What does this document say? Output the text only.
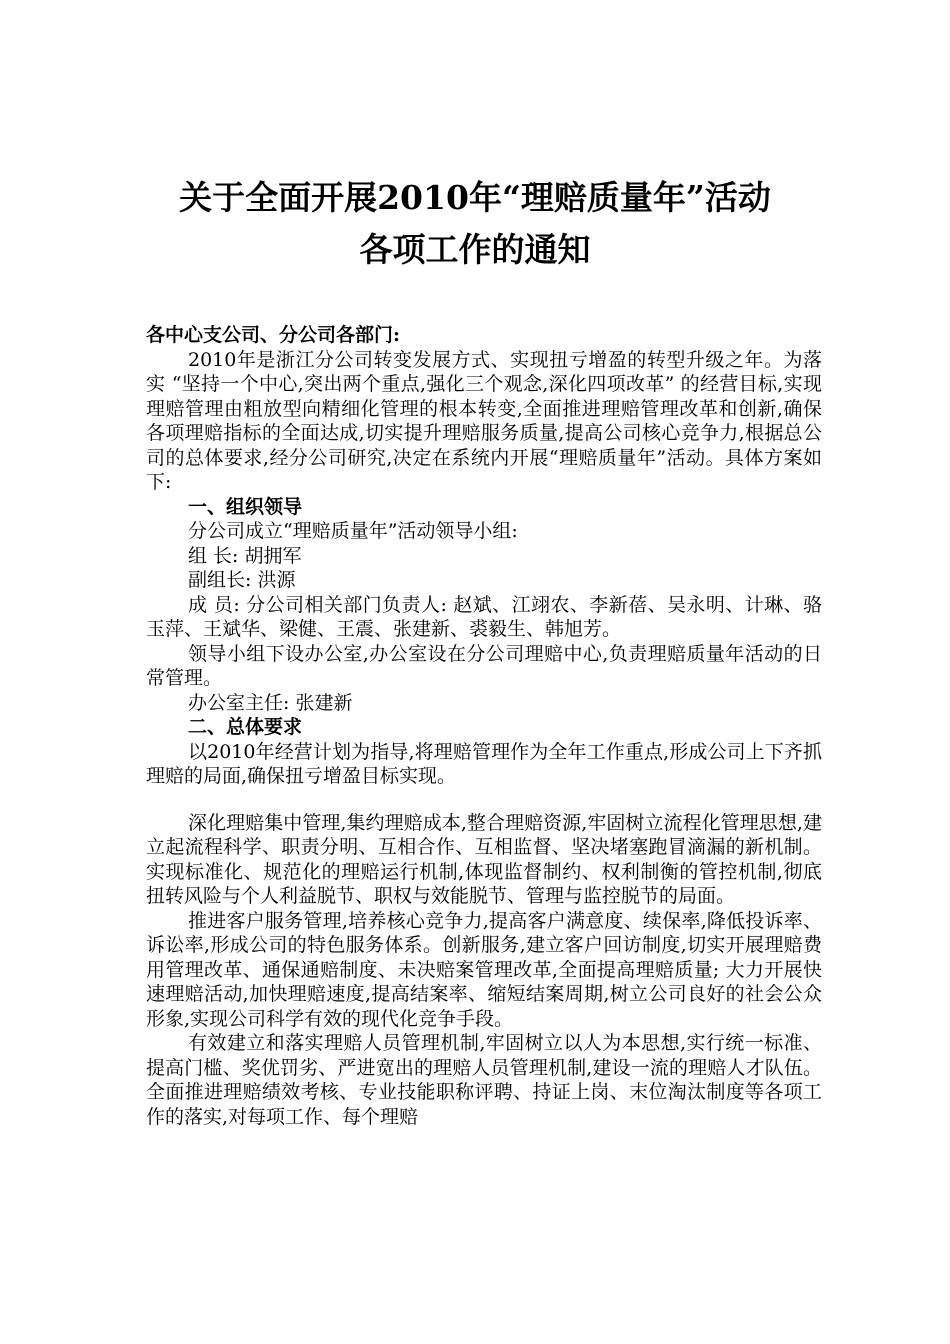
关于全面开展2010年“理赔质量年”活动
各项工作的通知

各中心支公司、分公司各部门:

2010年是浙江分公司转变发展方式、实现扭亏增盈的转型升级之年。为落实 “坚持一个中心,突出两个重点,强化三个观念,深化四项改革” 的经营目标,实现理赔管理由粗放型向精细化管理的根本转变,全面推进理赔管理改革和创新,确保各项理赔指标的全面达成,切实提升理赔服务质量,提高公司核心竞争力,根据总公司的总体要求,经分公司研究,决定在系统内开展“理赔质量年”活动。具体方案如下:

一、组织领导

分公司成立“理赔质量年”活动领导小组:

组 长: 胡拥军

副组长: 洪源

成 员: 分公司相关部门负责人: 赵斌、江翊农、李新蓓、吴永明、计琳、骆玉萍、王斌华、梁健、王震、张建新、裘毅生、韩旭芳。

领导小组下设办公室,办公室设在分公司理赔中心,负责理赔质量年活动的日常管理。

办公室主任: 张建新

二、总体要求

以2010年经营计划为指导,将理赔管理作为全年工作重点,形成公司上下齐抓理赔的局面,确保扭亏增盈目标实现。

深化理赔集中管理,集约理赔成本,整合理赔资源,牢固树立流程化管理思想,建立起流程科学、职责分明、互相合作、互相监督、坚决堵塞跑冒滴漏的新机制。实现标准化、规范化的理赔运行机制,体现监督制约、权利制衡的管控机制,彻底扭转风险与个人利益脱节、职权与效能脱节、管理与监控脱节的局面。

推进客户服务管理,培养核心竞争力,提高客户满意度、续保率,降低投诉率、诉讼率,形成公司的特色服务体系。创新服务,建立客户回访制度,切实开展理赔费用管理改革、通保通赔制度、未决赔案管理改革,全面提高理赔质量; 大力开展快速理赔活动,加快理赔速度,提高结案率、缩短结案周期,树立公司良好的社会公众形象,实现公司科学有效的现代化竞争手段。

有效建立和落实理赔人员管理机制,牢固树立以人为本思想,实行统一标准、提高门槛、奖优罚劣、严进宽出的理赔人员管理机制,建设一流的理赔人才队伍。全面推进理赔绩效考核、专业技能职称评聘、持证上岗、末位淘汰制度等各项工作的落实,对每项工作、每个理赔
